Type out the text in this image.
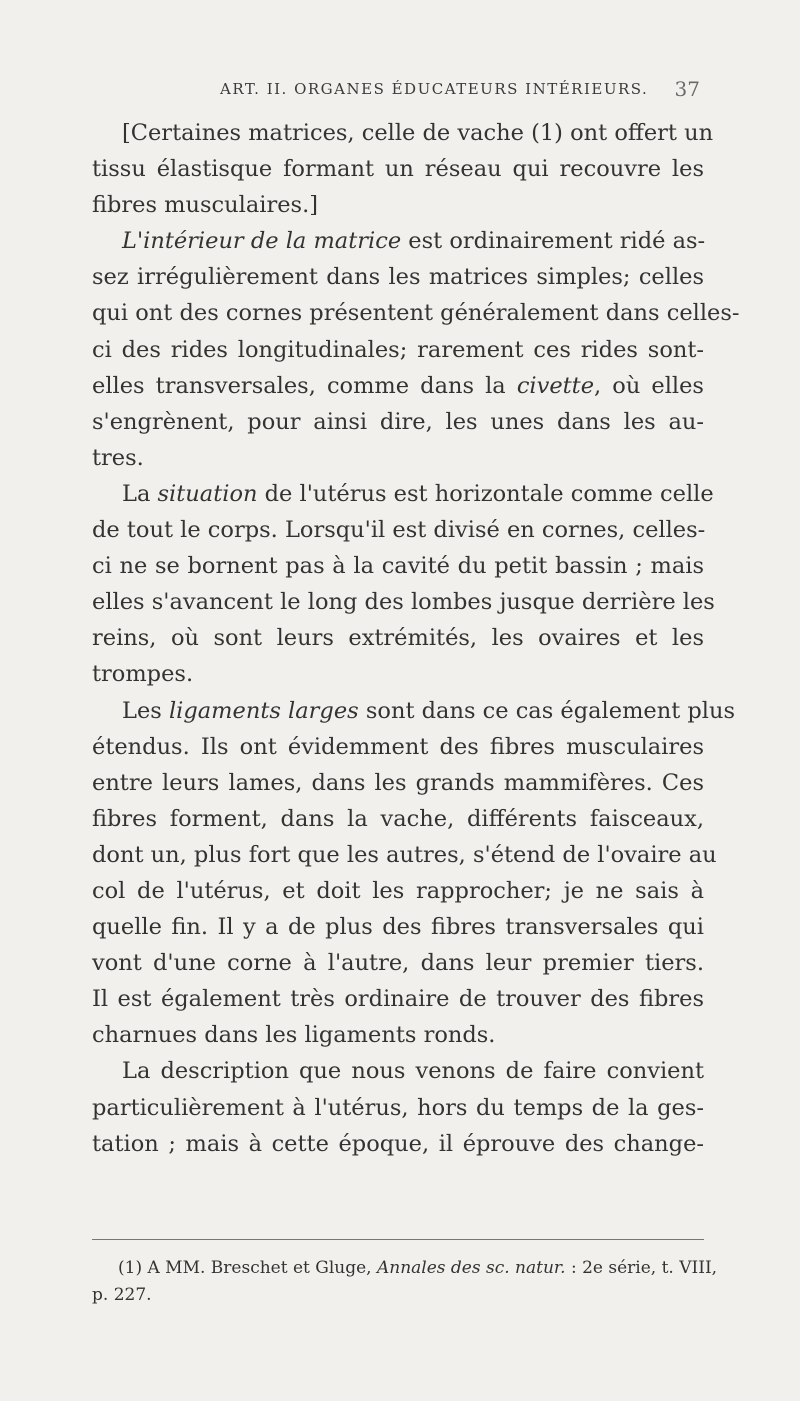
ART. II. ORGANES ÉDUCATEURS INTÉRIEURS. 37
[Certaines matrices, celle de vache (1) ont offert un
tissu élastisque formant un réseau qui recouvre les
fibres musculaires.]
L'intérieur de la matrice est ordinairement ridé as-
sez irrégulièrement dans les matrices simples; celles
qui ont des cornes présentent généralement dans celles-
ci des rides longitudinales; rarement ces rides sont-
elles transversales, comme dans la civette, où elles
s'engrènent, pour ainsi dire, les unes dans les au-
tres.
La situation de l'utérus est horizontale comme celle
de tout le corps. Lorsqu'il est divisé en cornes, celles-
ci ne se bornent pas à la cavité du petit bassin ; mais
elles s'avancent le long des lombes jusque derrière les
reins, où sont leurs extrémités, les ovaires et les
trompes.
Les ligaments larges sont dans ce cas également plus
étendus. Ils ont évidemment des fibres musculaires
entre leurs lames, dans les grands mammifères. Ces
fibres forment, dans la vache, différents faisceaux,
dont un, plus fort que les autres, s'étend de l'ovaire au
col de l'utérus, et doit les rapprocher; je ne sais à
quelle fin. Il y a de plus des fibres transversales qui
vont d'une corne à l'autre, dans leur premier tiers.
Il est également très ordinaire de trouver des fibres
charnues dans les ligaments ronds.
La description que nous venons de faire convient
particulièrement à l'utérus, hors du temps de la ges-
tation ; mais à cette époque, il éprouve des change-
(1) A MM. Breschet et Gluge, Annales des sc. natur. : 2e série, t. VIII,
p. 227.
